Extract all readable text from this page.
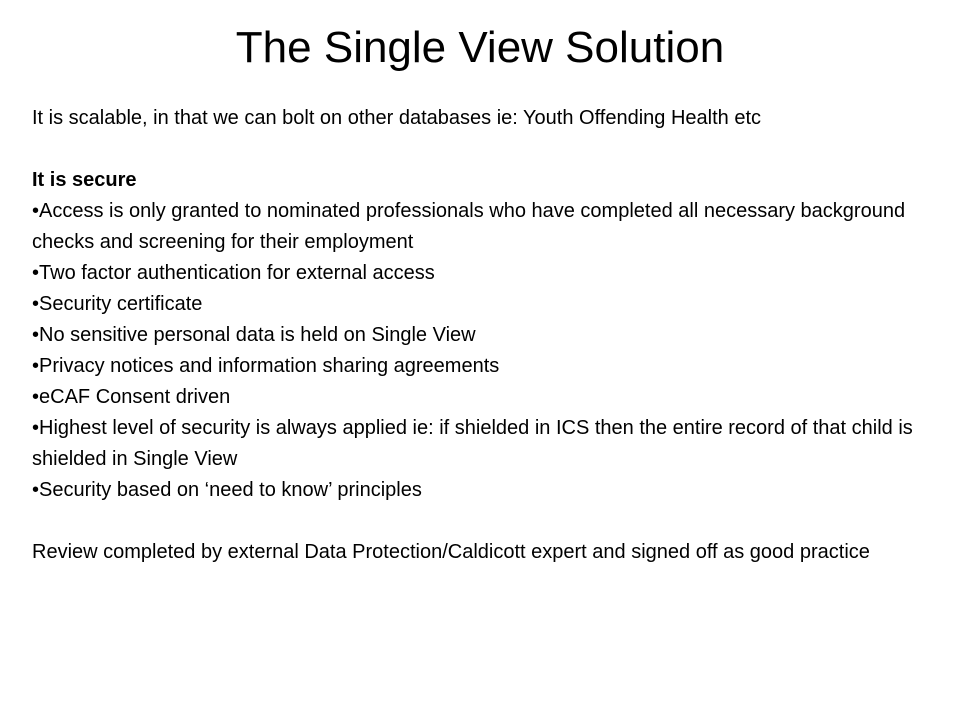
The Single View Solution

It is scalable, in that we can bolt on other databases ie: Youth Offending Health etc

It is secure

•Access is only granted to nominated professionals who have completed all necessary background checks and screening for their employment
•Two factor authentication for external access
•Security certificate
•No sensitive personal data is held on Single View
•Privacy notices and information sharing agreements
•eCAF Consent driven
•Highest level of security is always applied ie: if shielded in ICS then the entire record of that child is shielded in Single View
•Security based on ‘need to know’ principles

Review completed by external Data Protection/Caldicott expert and signed off as good practice
